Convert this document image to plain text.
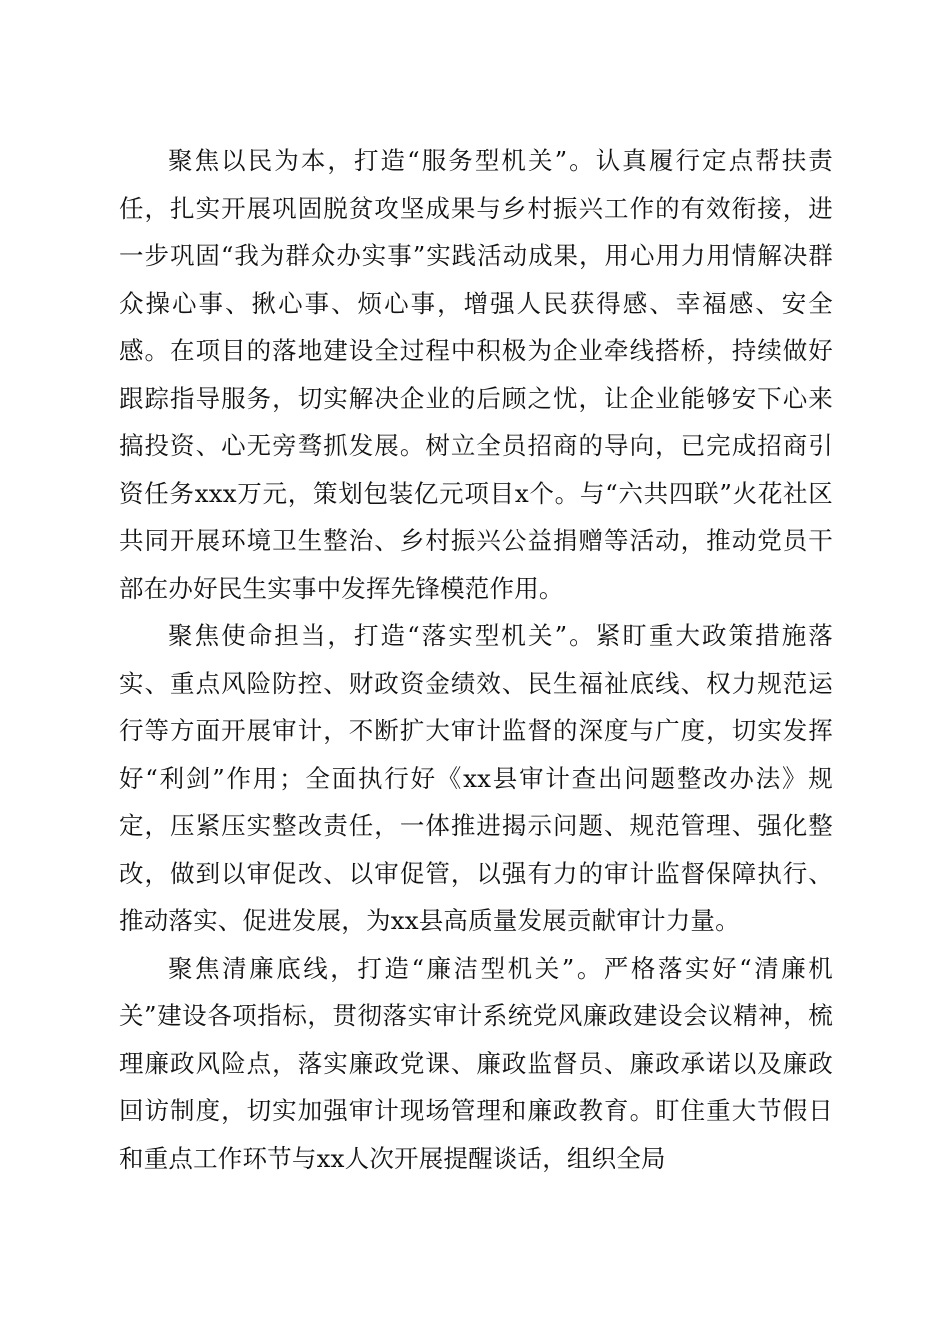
聚焦以民为本，打造“服务型机关”。认真履行定点帮扶责任，扎实开展巩固脱贫攻坚成果与乡村振兴工作的有效衔接，进一步巩固“我为群众办实事”实践活动成果，用心用力用情解决群众操心事、揪心事、烦心事，增强人民获得感、幸福感、安全感。在项目的落地建设全过程中积极为企业牵线搭桥，持续做好跟踪指导服务，切实解决企业的后顾之忧，让企业能够安下心来搞投资、心无旁骛抓发展。树立全员招商的导向，已完成招商引资任务xxx万元，策划包装亿元项目x个。与“六共四联”火花社区共同开展环境卫生整治、乡村振兴公益捐赠等活动，推动党员干部在办好民生实事中发挥先锋模范作用。

聚焦使命担当，打造“落实型机关”。紧盯重大政策措施落实、重点风险防控、财政资金绩效、民生福祉底线、权力规范运行等方面开展审计，不断扩大审计监督的深度与广度，切实发挥好“利剑”作用；全面执行好《xx县审计查出问题整改办法》规定，压紧压实整改责任，一体推进揭示问题、规范管理、强化整改，做到以审促改、以审促管，以强有力的审计监督保障执行、推动落实、促进发展，为xx县高质量发展贡献审计力量。

聚焦清廉底线，打造“廉洁型机关”。严格落实好“清廉机关”建设各项指标，贯彻落实审计系统党风廉政建设会议精神，梳理廉政风险点，落实廉政党课、廉政监督员、廉政承诺以及廉政回访制度，切实加强审计现场管理和廉政教育。盯住重大节假日和重点工作环节与xx人次开展提醒谈话，组织全局
